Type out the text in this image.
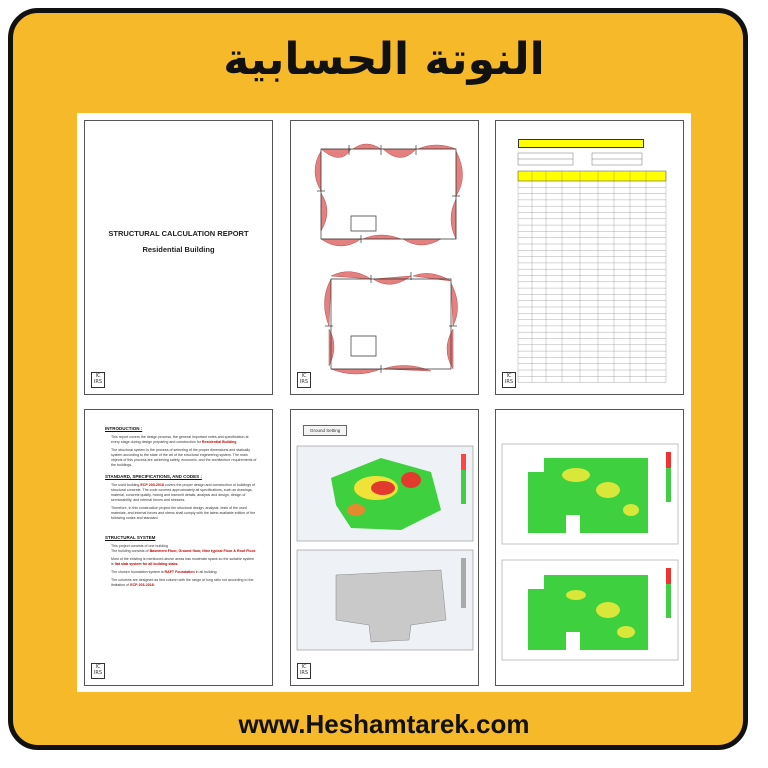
النوتة الحسابية
STRUCTURAL CALCULATION REPORT
Residential Building
IC
IRS
IC
IRS
IC
IRS
INTRODUCTION :

This report covers the design process, the general important notes and specification at every stage during design preparing and construction for Residential Building

The structural system is the process of selecting of the proper dimensions and statically system according to the state of the art of the structural engineering system. The main objects of this process are achieving safety, economic, and the architecture requirements of the buildings.

STANDARD, SPECIFICATIONS, AND CODES :

The used building ECP 203-2018 covers the proper design and construction of buildings of structural concrete. The code covered approximately all specifications, such as drawings, material, concrete quality, mixing and transmit details, analysis and design, design of serviceability, and internal forces and stresses.

Therefore, in this construction project the structural design, analysis, tests of the used materials, and internal forces and stress shall comply with the latest available edition of the following codes and standard.

STRUCTURAL SYSTEM

This project consists of one building
The building consists of Basement Floor, Ground floor, Nine typical Floor & Roof Floor.

Most of the existing is mentioned above areas has moderate spans so the suitable system is flat slab system for all building slabs.

The chosen foundation system is RAFT Foundation in all building.

The columns are designed as tied column with the range of long ratio not according to the limitation of ECP 203-2018.

IC
IRS
Ground Setting
IC
IRS
www.Heshamtarek.com
